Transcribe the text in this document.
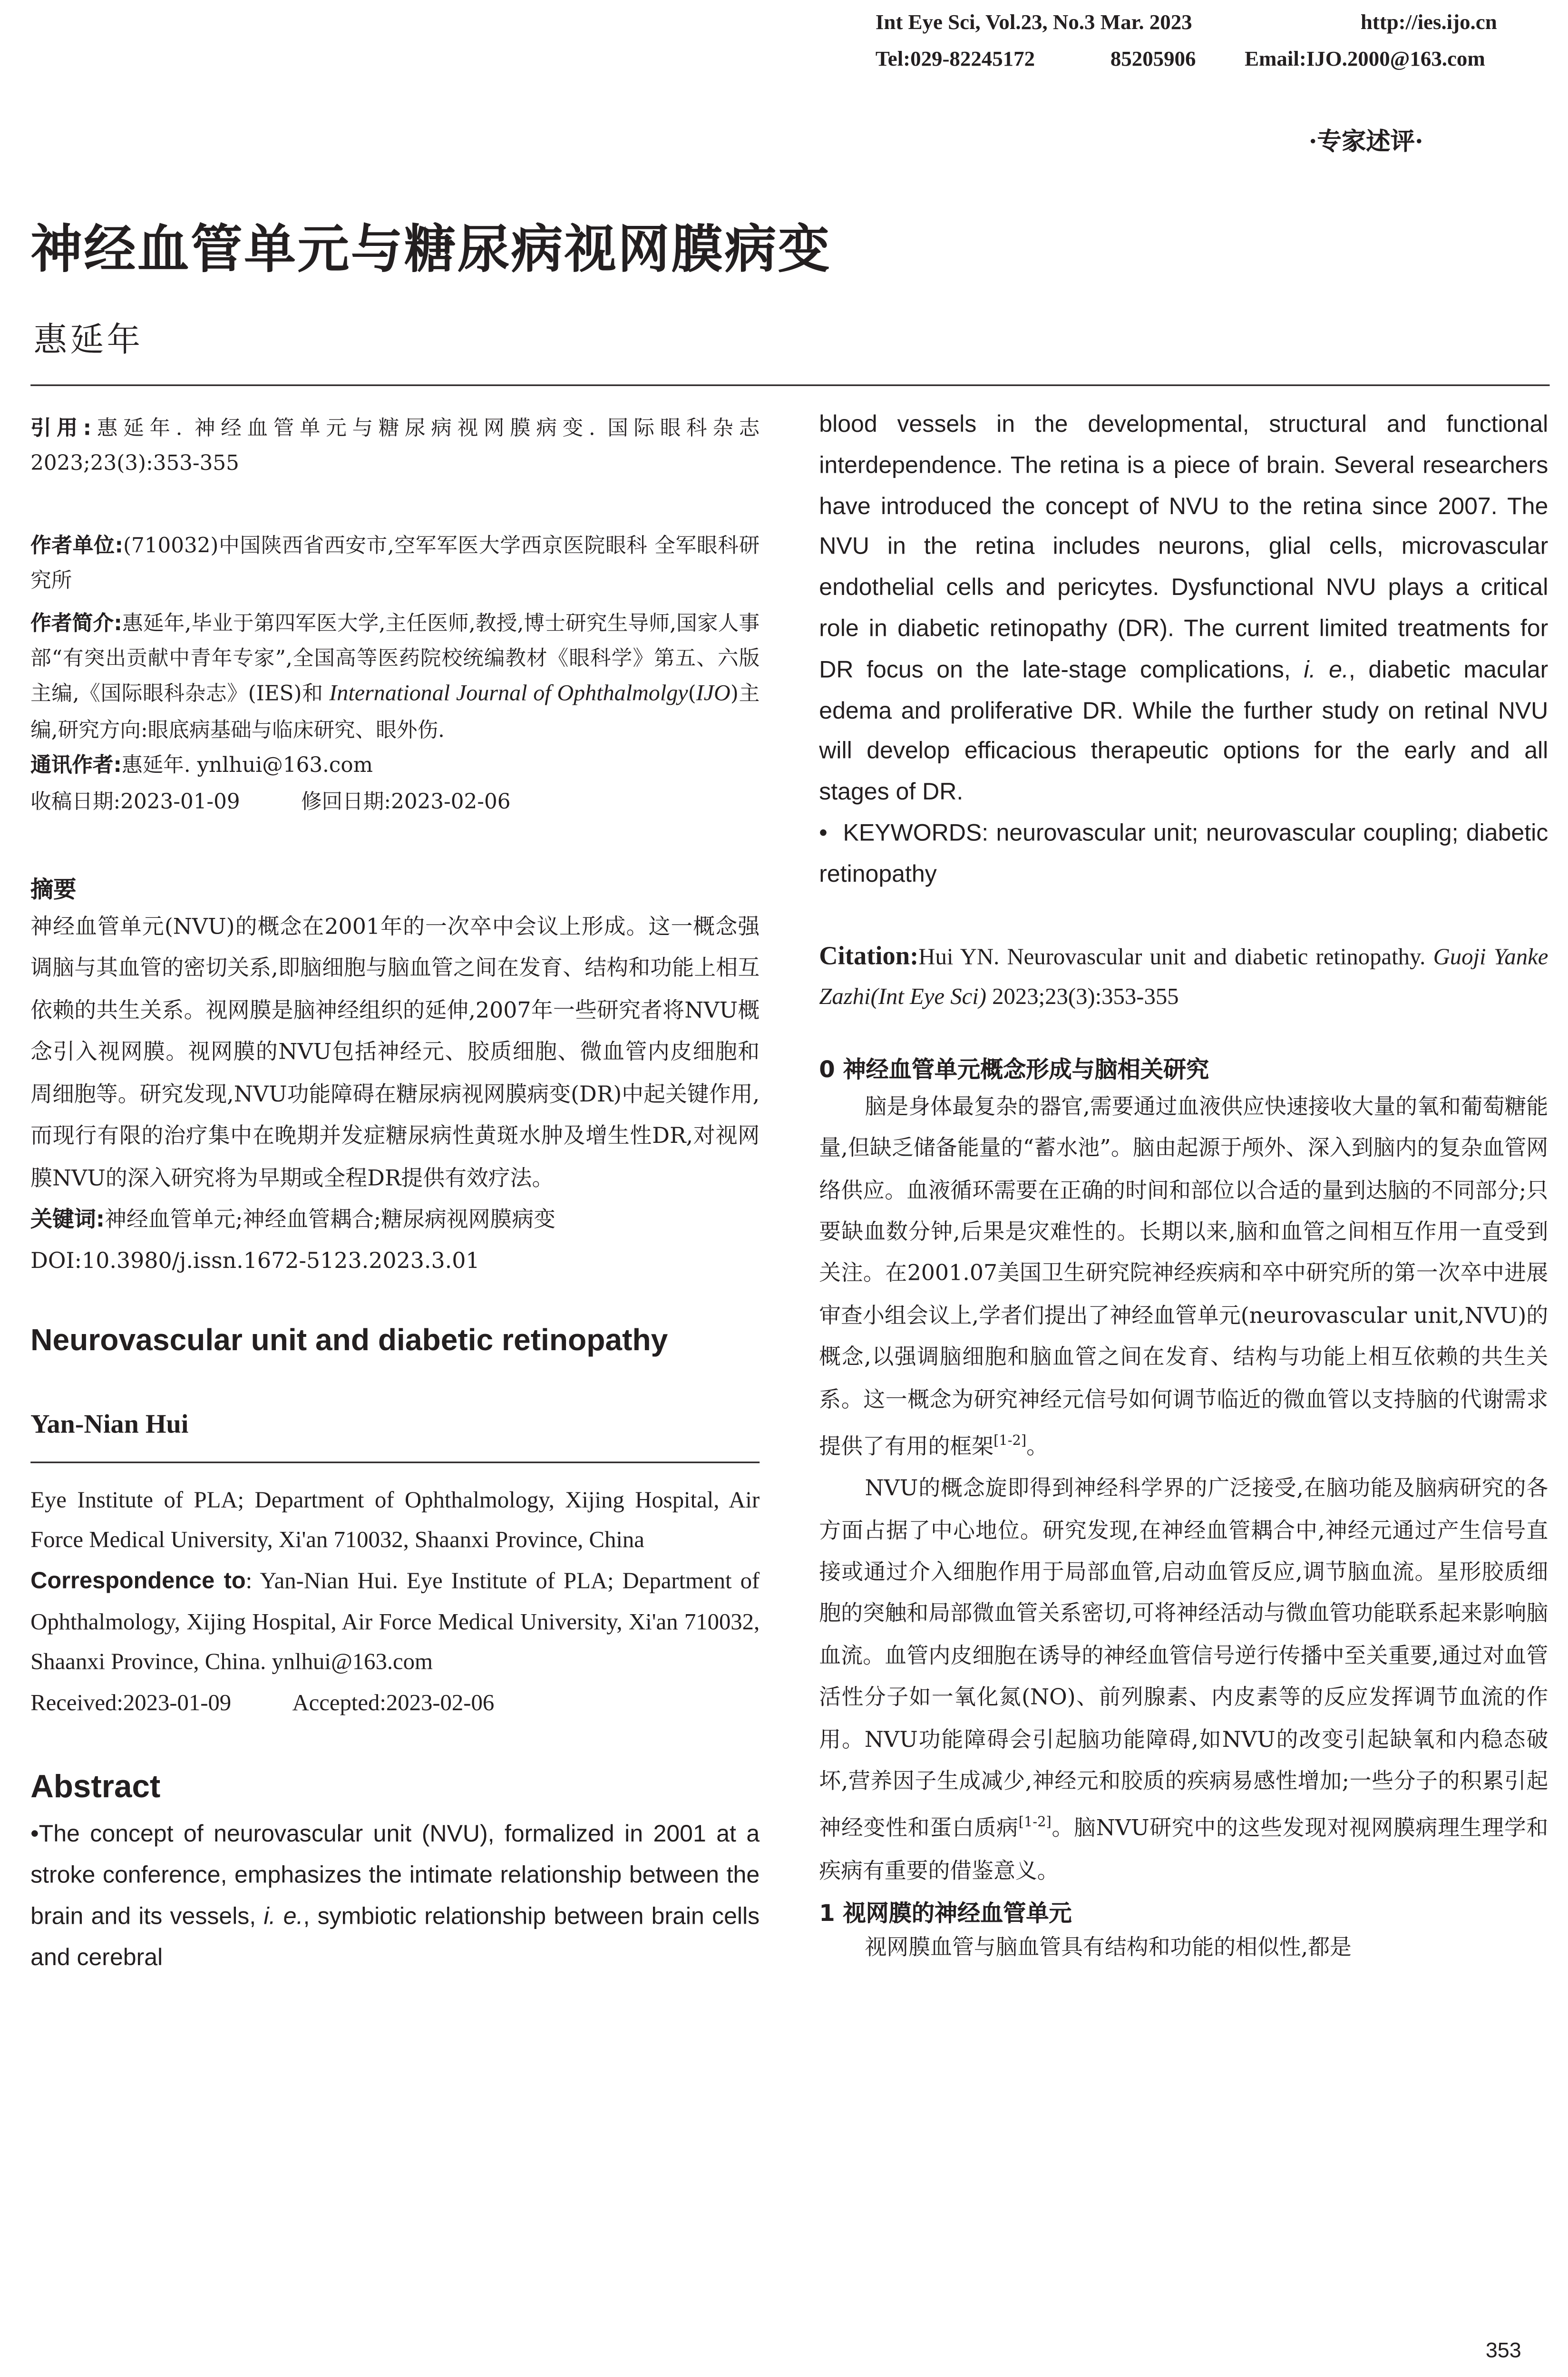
Int Eye Sci, Vol.23, No.3 Mar. 2023	http://ies.ijo.cn
Tel:029-82245172	85205906	Email:IJO.2000@163.com
·专家述评·
神经血管单元与糖尿病视网膜病变
惠延年

引用:惠延年. 神经血管单元与糖尿病视网膜病变. 国际眼科杂志 2023;23(3):353-355

作者单位:(710032)中国陕西省西安市,空军军医大学西京医院眼科 全军眼科研究所

作者简介:惠延年,毕业于第四军医大学,主任医师,教授,博士研究生导师,国家人事部“有突出贡献中青年专家”,全国高等医药院校统编教材《眼科学》第五、六版主编,《国际眼科杂志》(IES)和 International Journal of Ophthalmolgy(IJO)主编,研究方向:眼底病基础与临床研究、眼外伤.

通讯作者:惠延年. ynlhui@163.com

收稿日期:2023-01-09	修回日期:2023-02-06

摘要

神经血管单元(NVU)的概念在2001年的一次卒中会议上形成。这一概念强调脑与其血管的密切关系,即脑细胞与脑血管之间在发育、结构和功能上相互依赖的共生关系。视网膜是脑神经组织的延伸,2007年一些研究者将NVU概念引入视网膜。视网膜的NVU包括神经元、胶质细胞、微血管内皮细胞和周细胞等。研究发现,NVU功能障碍在糖尿病视网膜病变(DR)中起关键作用,而现行有限的治疗集中在晚期并发症糖尿病性黄斑水肿及增生性DR,对视网膜NVU的深入研究将为早期或全程DR提供有效疗法。

关键词:神经血管单元;神经血管耦合;糖尿病视网膜病变

DOI:10.3980/j.issn.1672-5123.2023.3.01

Neurovascular unit and diabetic retinopathy
Yan-Nian Hui

Eye Institute of PLA; Department of Ophthalmology, Xijing Hospital, Air Force Medical University, Xi'an 710032, Shaanxi Province, China

Correspondence to: Yan-Nian Hui. Eye Institute of PLA; Department of Ophthalmology, Xijing Hospital, Air Force Medical University, Xi'an 710032, Shaanxi Province, China. ynlhui@163.com

Received:2023-01-09	Accepted:2023-02-06

Abstract

•The concept of neurovascular unit (NVU), formalized in 2001 at a stroke conference, emphasizes the intimate relationship between the brain and its vessels, i. e., symbiotic relationship between brain cells and cerebral

blood vessels in the developmental, structural and functional interdependence. The retina is a piece of brain. Several researchers have introduced the concept of NVU to the retina since 2007. The NVU in the retina includes neurons, glial cells, microvascular endothelial cells and pericytes. Dysfunctional NVU plays a critical role in diabetic retinopathy (DR). The current limited treatments for DR focus on the late-stage complications, i. e., diabetic macular edema and proliferative DR. While the further study on retinal NVU will develop efficacious therapeutic options for the early and all stages of DR.

• KEYWORDS: neurovascular unit; neurovascular coupling; diabetic retinopathy

Citation:Hui YN. Neurovascular unit and diabetic retinopathy. Guoji Yanke Zazhi(Int Eye Sci) 2023;23(3):353-355

0 神经血管单元概念形成与脑相关研究

脑是身体最复杂的器官,需要通过血液供应快速接收大量的氧和葡萄糖能量,但缺乏储备能量的“蓄水池”。脑由起源于颅外、深入到脑内的复杂血管网络供应。血液循环需要在正确的时间和部位以合适的量到达脑的不同部分;只要缺血数分钟,后果是灾难性的。长期以来,脑和血管之间相互作用一直受到关注。在2001.07美国卫生研究院神经疾病和卒中研究所的第一次卒中进展审查小组会议上,学者们提出了神经血管单元(neurovascular unit,NVU)的概念,以强调脑细胞和脑血管之间在发育、结构与功能上相互依赖的共生关系。这一概念为研究神经元信号如何调节临近的微血管以支持脑的代谢需求提供了有用的框架[1-2]。

NVU的概念旋即得到神经科学界的广泛接受,在脑功能及脑病研究的各方面占据了中心地位。研究发现,在神经血管耦合中,神经元通过产生信号直接或通过介入细胞作用于局部血管,启动血管反应,调节脑血流。星形胶质细胞的突触和局部微血管关系密切,可将神经活动与微血管功能联系起来影响脑血流。血管内皮细胞在诱导的神经血管信号逆行传播中至关重要,通过对血管活性分子如一氧化氮(NO)、前列腺素、内皮素等的反应发挥调节血流的作用。NVU功能障碍会引起脑功能障碍,如NVU的改变引起缺氧和内稳态破坏,营养因子生成减少,神经元和胶质的疾病易感性增加;一些分子的积累引起神经变性和蛋白质病[1-2]。脑NVU研究中的这些发现对视网膜病理生理学和疾病有重要的借鉴意义。

1 视网膜的神经血管单元

视网膜血管与脑血管具有结构和功能的相似性,都是

353
